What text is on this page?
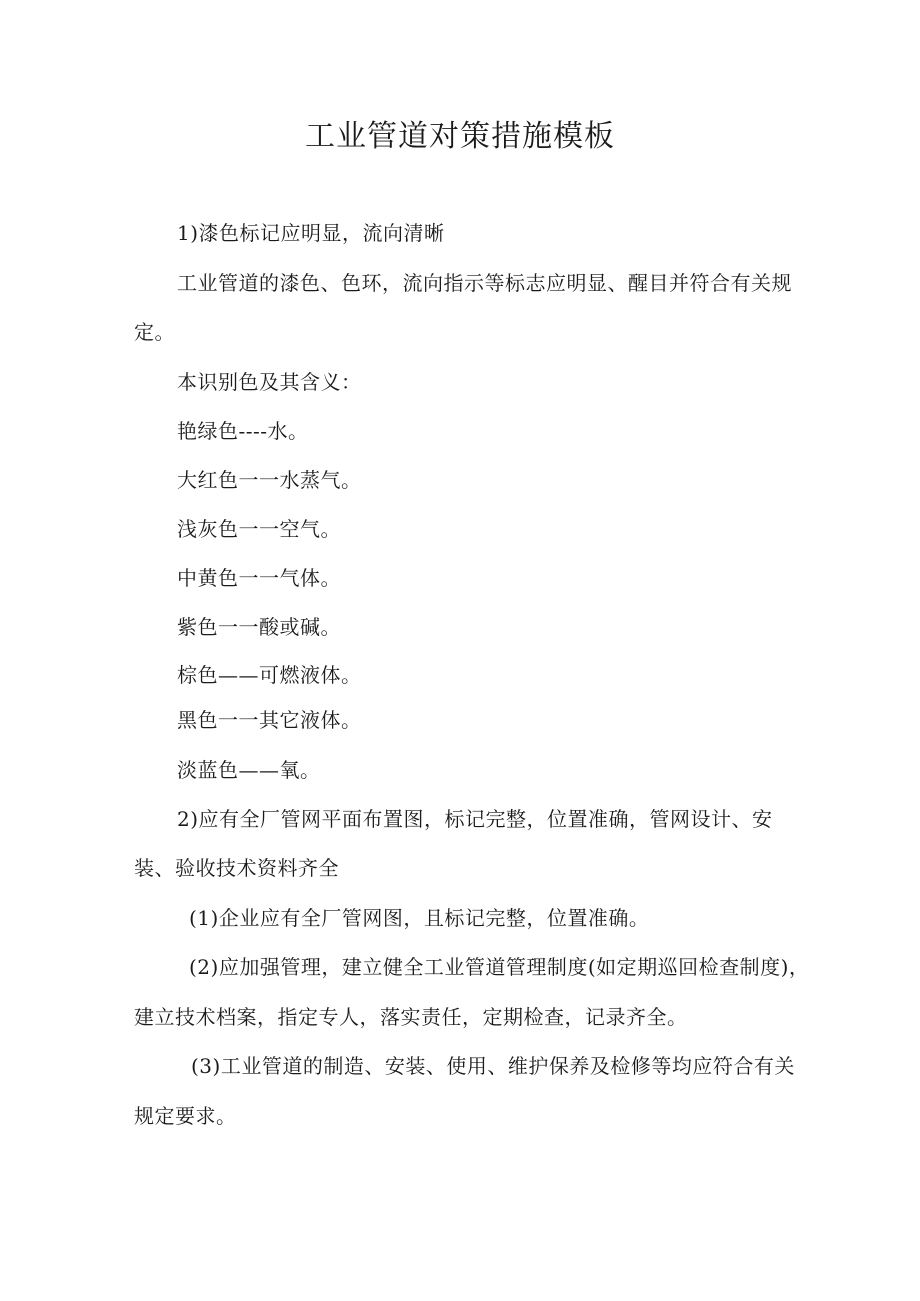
工业管道对策措施模板
1)漆色标记应明显，流向清晰
工业管道的漆色、色环，流向指示等标志应明显、醒目并符合有关规
定。
本识别色及其含义：
艳绿色----水。
大红色一一水蒸气。
浅灰色一一空气。
中黄色一一气体。
紫色一一酸或碱。
棕色——可燃液体。
黑色一一其它液体。
淡蓝色——氧。
2)应有全厂管网平面布置图，标记完整，位置准确，管网设计、安
装、验收技术资料齐全
(1)企业应有全厂管网图，且标记完整，位置准确。
(2)应加强管理，建立健全工业管道管理制度(如定期巡回检查制度)，
建立技术档案，指定专人，落实责任，定期检查，记录齐全。
(3)工业管道的制造、安装、使用、维护保养及检修等均应符合有关
规定要求。
